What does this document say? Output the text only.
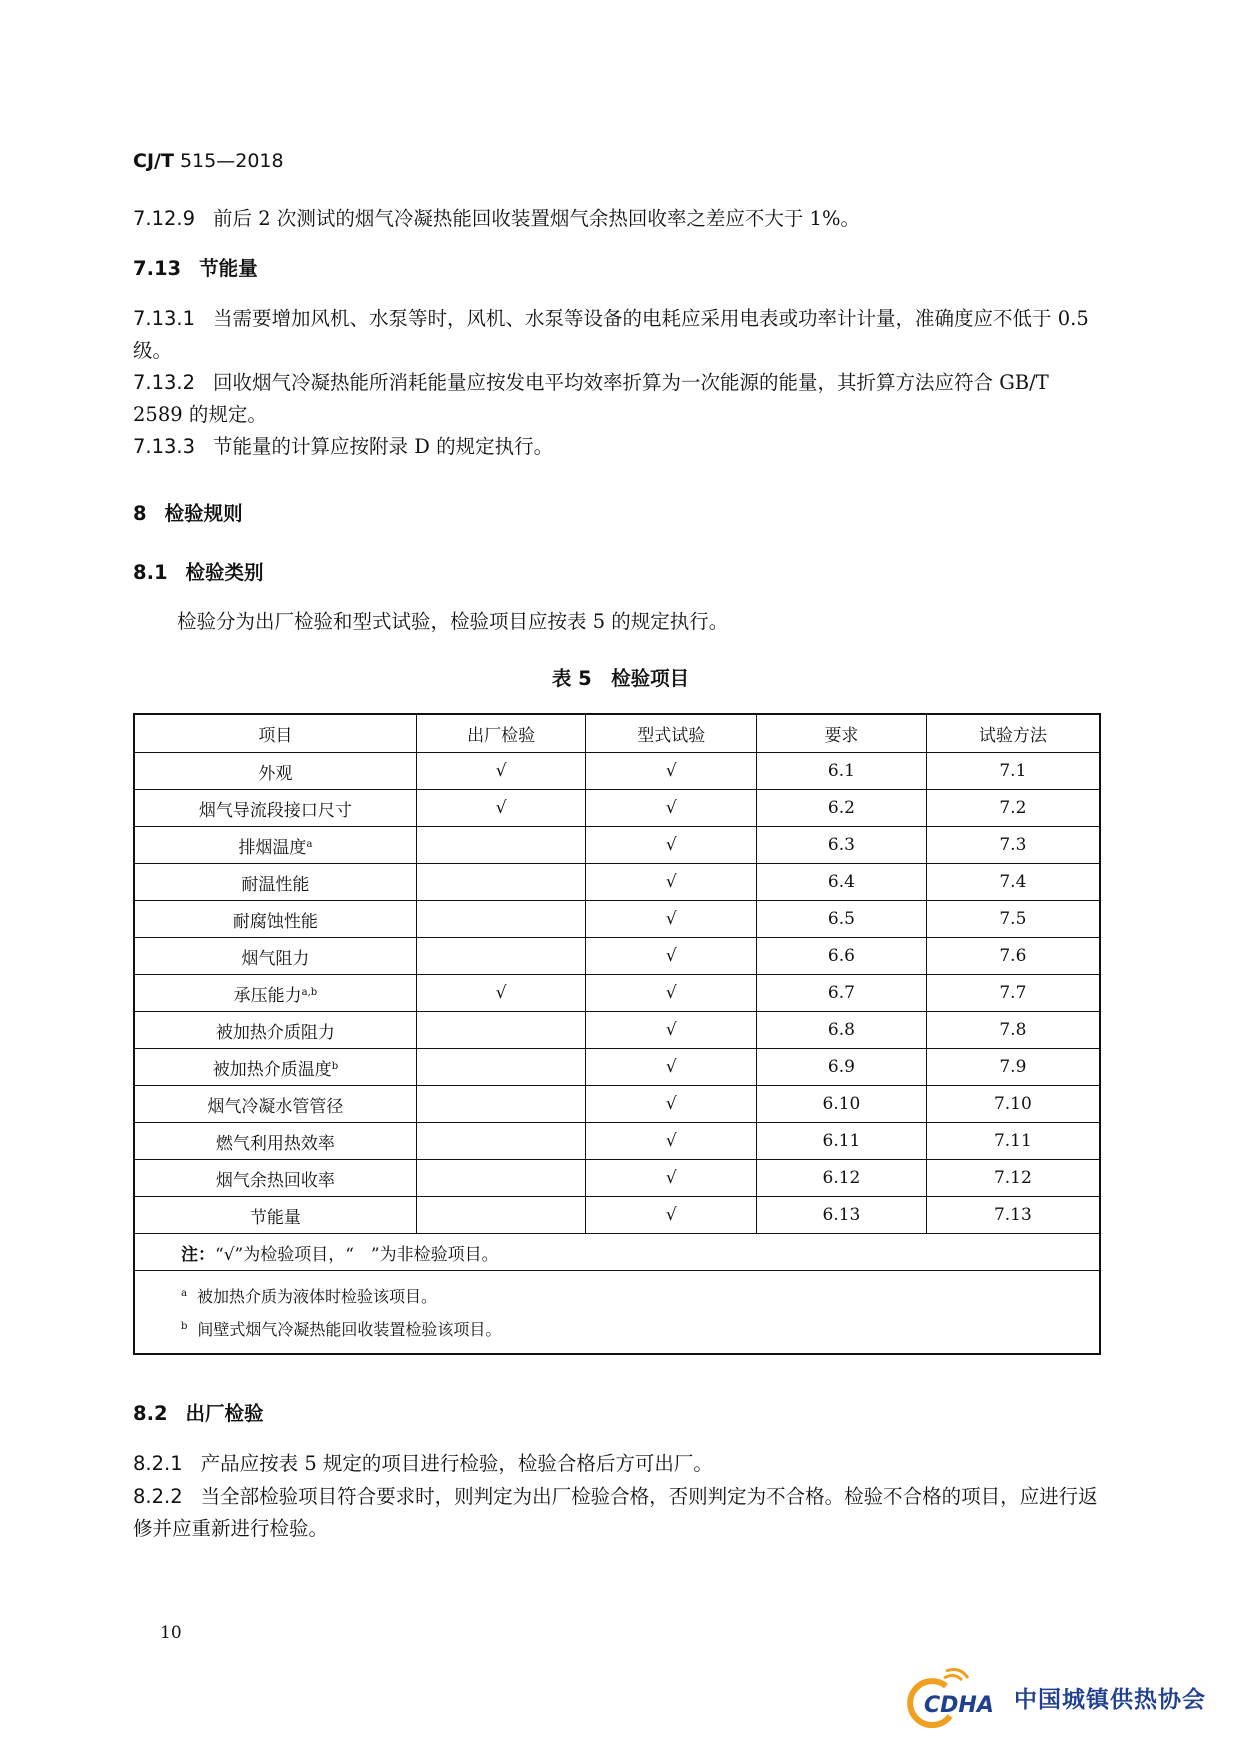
CJ/T 515—2018
7.12.9 前后 2 次测试的烟气冷凝热能回收装置烟气余热回收率之差应不大于 1%。
7.13 节能量
7.13.1 当需要增加风机、水泵等时，风机、水泵等设备的电耗应采用电表或功率计计量，准确度应不低于 0.5 级。
7.13.2 回收烟气冷凝热能所消耗能量应按发电平均效率折算为一次能源的能量，其折算方法应符合 GB/T 2589 的规定。
7.13.3 节能量的计算应按附录 D 的规定执行。
8 检验规则
8.1 检验类别
检验分为出厂检验和型式试验，检验项目应按表 5 的规定执行。
表 5　检验项目
项目	出厂检验	型式试验	要求	试验方法
外观	√	√	6.1	7.1
烟气导流段接口尺寸	√	√	6.2	7.2
排烟温度$^a$		√	6.3	7.3
耐温性能		√	6.4	7.4
耐腐蚀性能		√	6.5	7.5
烟气阻力		√	6.6	7.6
承压能力$^{a,b}$	√	√	6.7	7.7
被加热介质阻力		√	6.8	7.8
被加热介质温度$^b$		√	6.9	7.9
烟气冷凝水管管径		√	6.10	7.10
燃气利用热效率		√	6.11	7.11
烟气余热回收率		√	6.12	7.12
节能量		√	6.13	7.13
注：“√”为检验项目，“　”为非检验项目。				

$^a$ 被加热介质为液体时检验该项目。
$^b$ 间壁式烟气冷凝热能回收装置检验该项目。				
8.2 出厂检验
8.2.1 产品应按表 5 规定的项目进行检验，检验合格后方可出厂。
8.2.2 当全部检验项目符合要求时，则判定为出厂检验合格，否则判定为不合格。检验不合格的项目，应进行返修并应重新进行检验。
10
CDHA 中国城镇供热协会
